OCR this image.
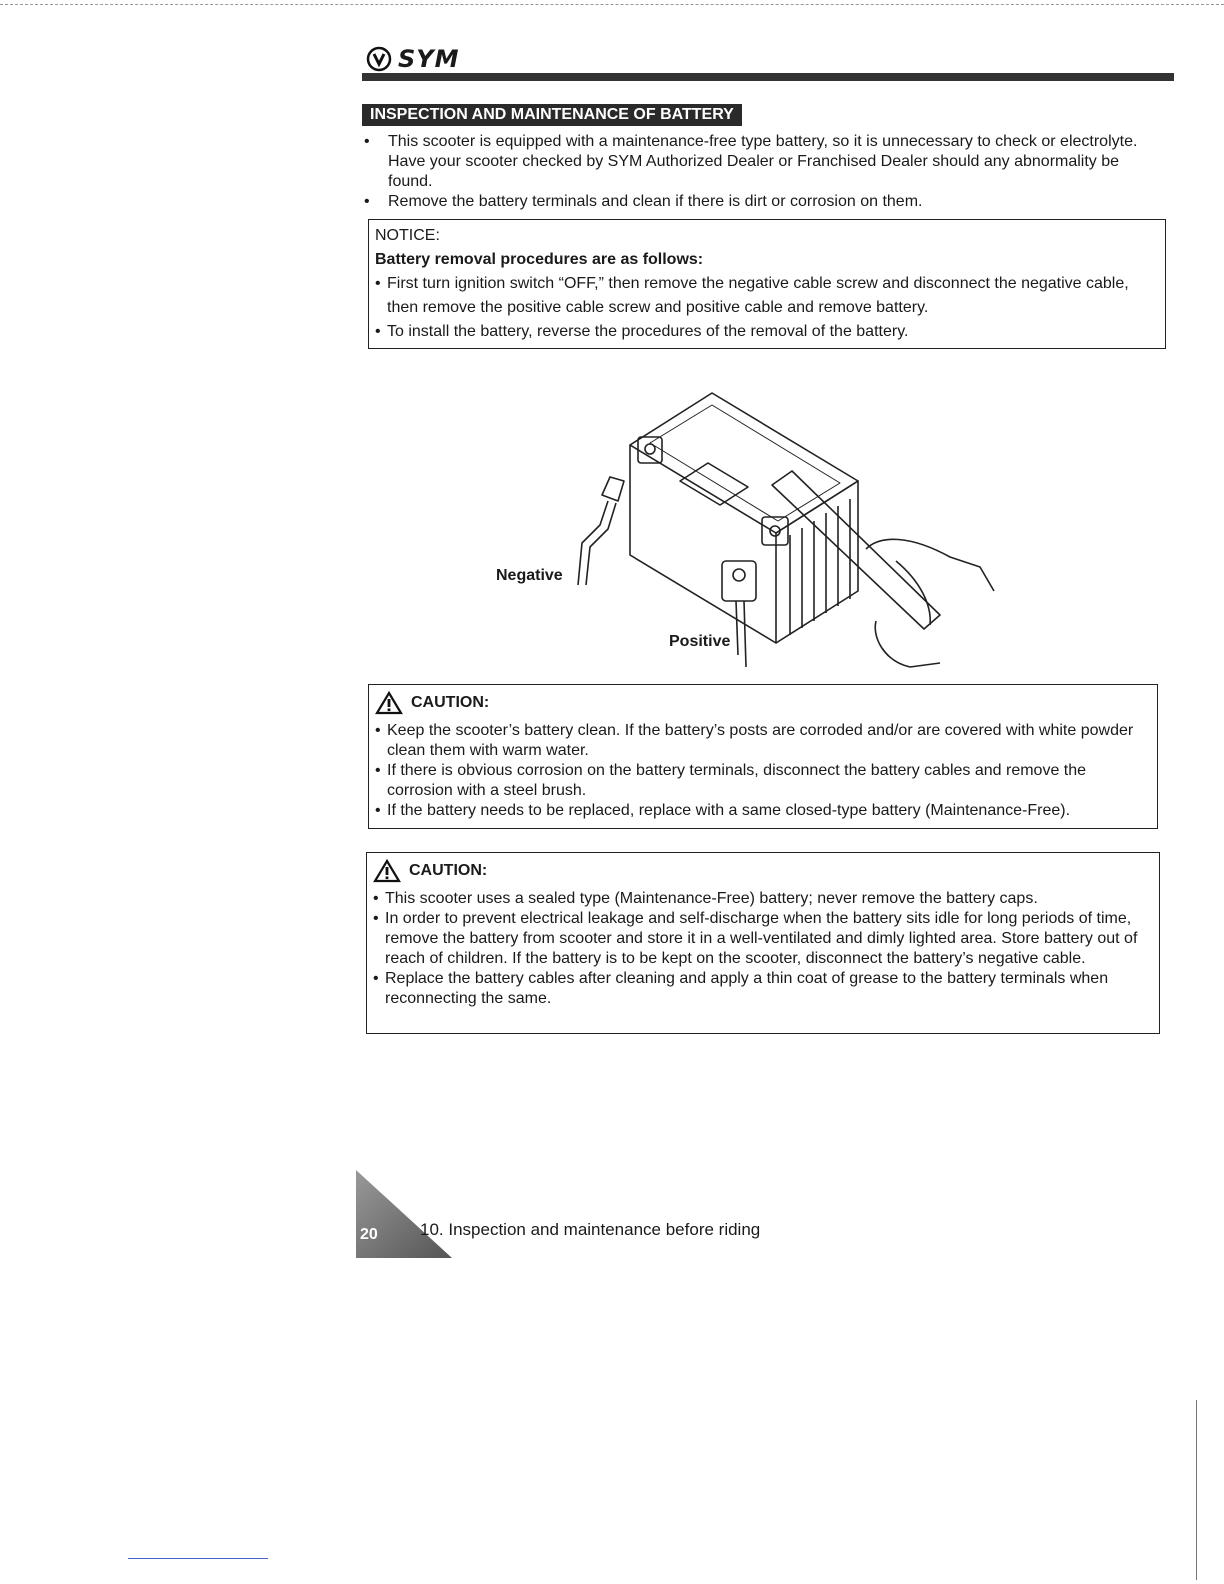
SYM
INSPECTION AND MAINTENANCE OF BATTERY
•	This scooter is equipped with a maintenance-free type battery, so it is unnecessary to check or electrolyte. Have your scooter checked by SYM Authorized Dealer or Franchised Dealer should any abnormality be found.
•	Remove the battery terminals and clean if there is dirt or corrosion on them.
NOTICE:
Battery removal procedures are as follows:
• First turn ignition switch “OFF,” then remove the negative cable screw and disconnect the negative cable, then remove the positive cable screw and positive cable and remove battery.
• To install the battery, reverse the procedures of the removal of the battery.
Negative
Positive
CAUTION:
• Keep the scooter’s battery clean. If the battery’s posts are corroded and/or are covered with white powder clean them with warm water.
• If there is obvious corrosion on the battery terminals, disconnect the battery cables and remove the corrosion with a steel brush.
• If the battery needs to be replaced, replace with a same closed-type battery (Maintenance-Free).
CAUTION:
• This scooter uses a sealed type (Maintenance-Free) battery; never remove the battery caps.
• In order to prevent electrical leakage and self-discharge when the battery sits idle for long periods of time, remove the battery from scooter and store it in a well-ventilated and dimly lighted area. Store battery out of reach of children. If the battery is to be kept on the scooter, disconnect the battery’s negative cable.
• Replace the battery cables after cleaning and apply a thin coat of grease to the battery terminals when reconnecting the same.
20 10. Inspection and maintenance before riding
